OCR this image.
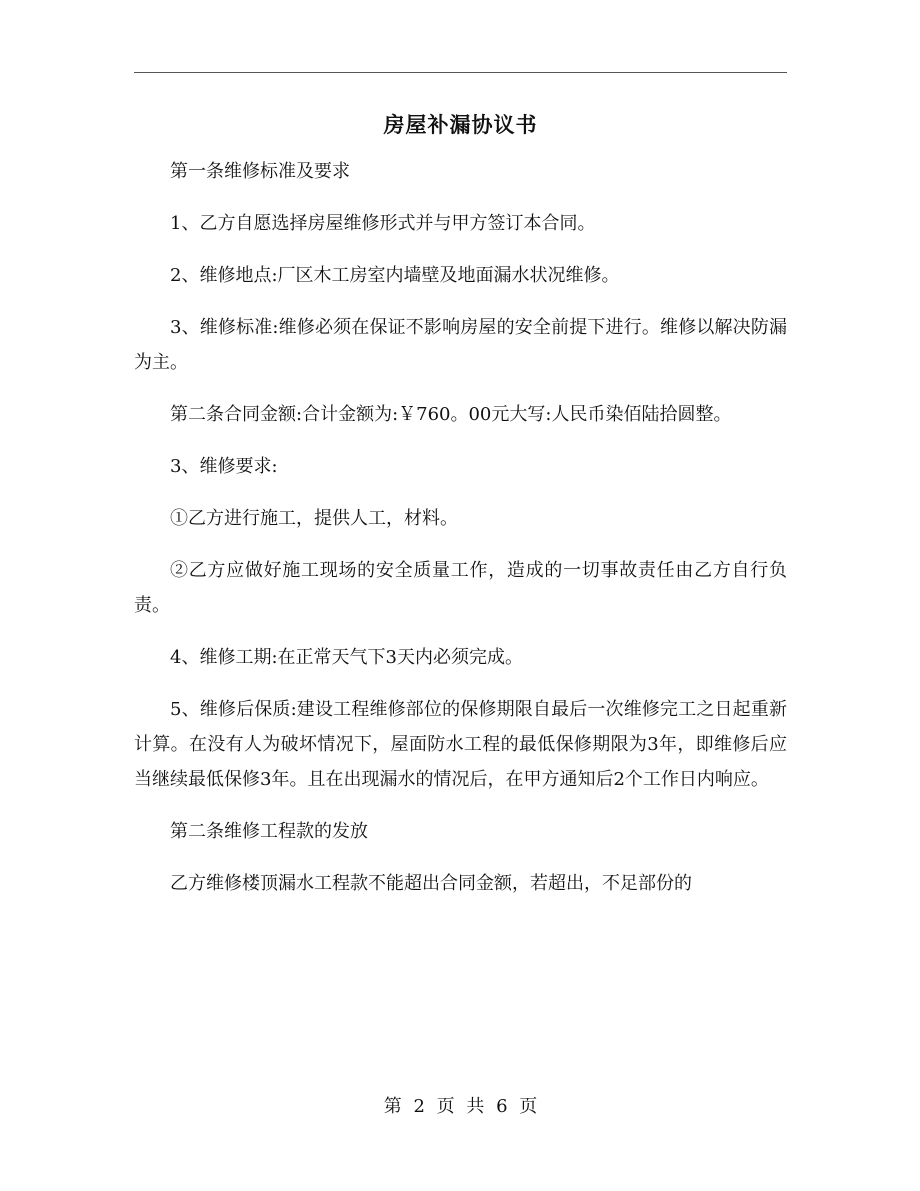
房屋补漏协议书

第一条维修标准及要求

1、乙方自愿选择房屋维修形式并与甲方签订本合同。

2、维修地点:厂区木工房室内墙壁及地面漏水状况维修。

3、维修标准:维修必须在保证不影响房屋的安全前提下进行。维修以解决防漏为主。

第二条合同金额:合计金额为:￥760。00元大写:人民币染佰陆拾圆整。

3、维修要求:

①乙方进行施工，提供人工，材料。

②乙方应做好施工现场的安全质量工作，造成的一切事故责任由乙方自行负责。

4、维修工期:在正常天气下3天内必须完成。

5、维修后保质:建设工程维修部位的保修期限自最后一次维修完工之日起重新计算。在没有人为破坏情况下，屋面防水工程的最低保修期限为3年，即维修后应当继续最低保修3年。且在出现漏水的情况后，在甲方通知后2个工作日内响应。

第二条维修工程款的发放

乙方维修楼顶漏水工程款不能超出合同金额，若超出，不足部份的

第 2 页 共 6 页
